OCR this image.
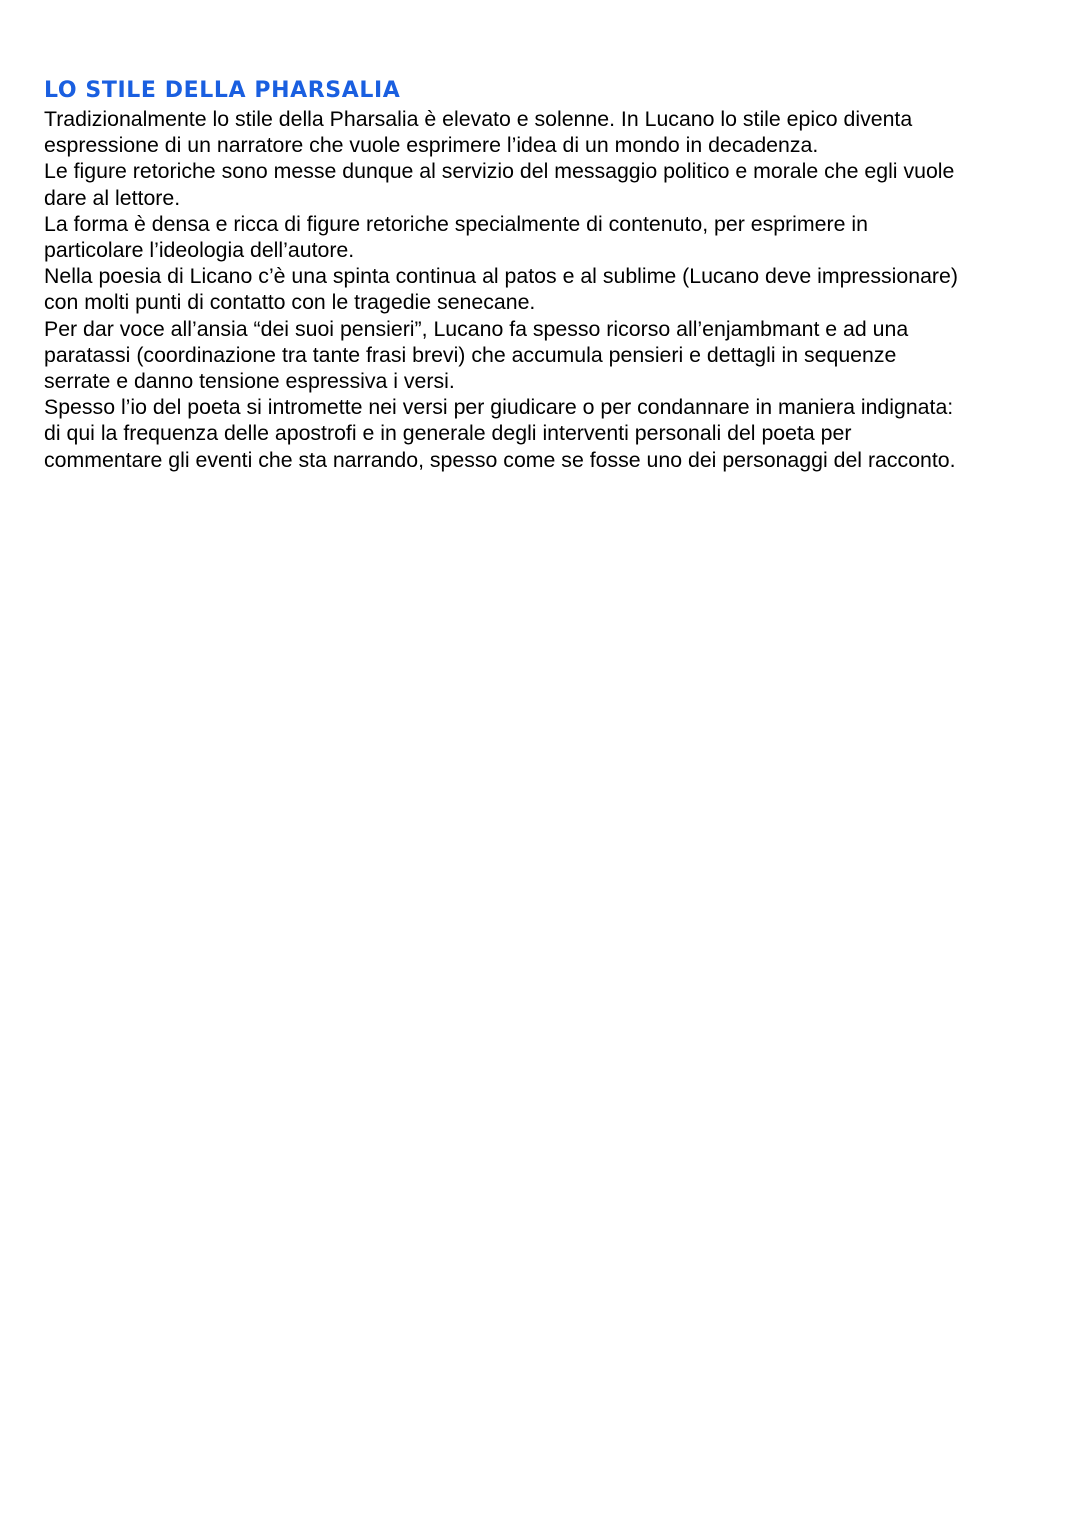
LO STILE DELLA PHARSALIA

Tradizionalmente lo stile della Pharsalia è elevato e solenne. In Lucano lo stile epico diventa

espressione di un narratore che vuole esprimere l’idea di un mondo in decadenza.

Le figure retoriche sono messe dunque al servizio del messaggio politico e morale che egli vuole

dare al lettore.

La forma è densa e ricca di figure retoriche specialmente di contenuto, per esprimere in

particolare l’ideologia dell’autore.

Nella poesia di Licano c’è una spinta continua al patos e al sublime (Lucano deve impressionare)

con molti punti di contatto con le tragedie senecane.

Per dar voce all’ansia “dei suoi pensieri”, Lucano fa spesso ricorso all’enjambmant e ad una

paratassi (coordinazione tra tante frasi brevi) che accumula pensieri e dettagli in sequenze

serrate e danno tensione espressiva i versi.

Spesso l’io del poeta si intromette nei versi per giudicare o per condannare in maniera indignata:

di qui la frequenza delle apostrofi e in generale degli interventi personali del poeta per

commentare gli eventi che sta narrando, spesso come se fosse uno dei personaggi del racconto.
